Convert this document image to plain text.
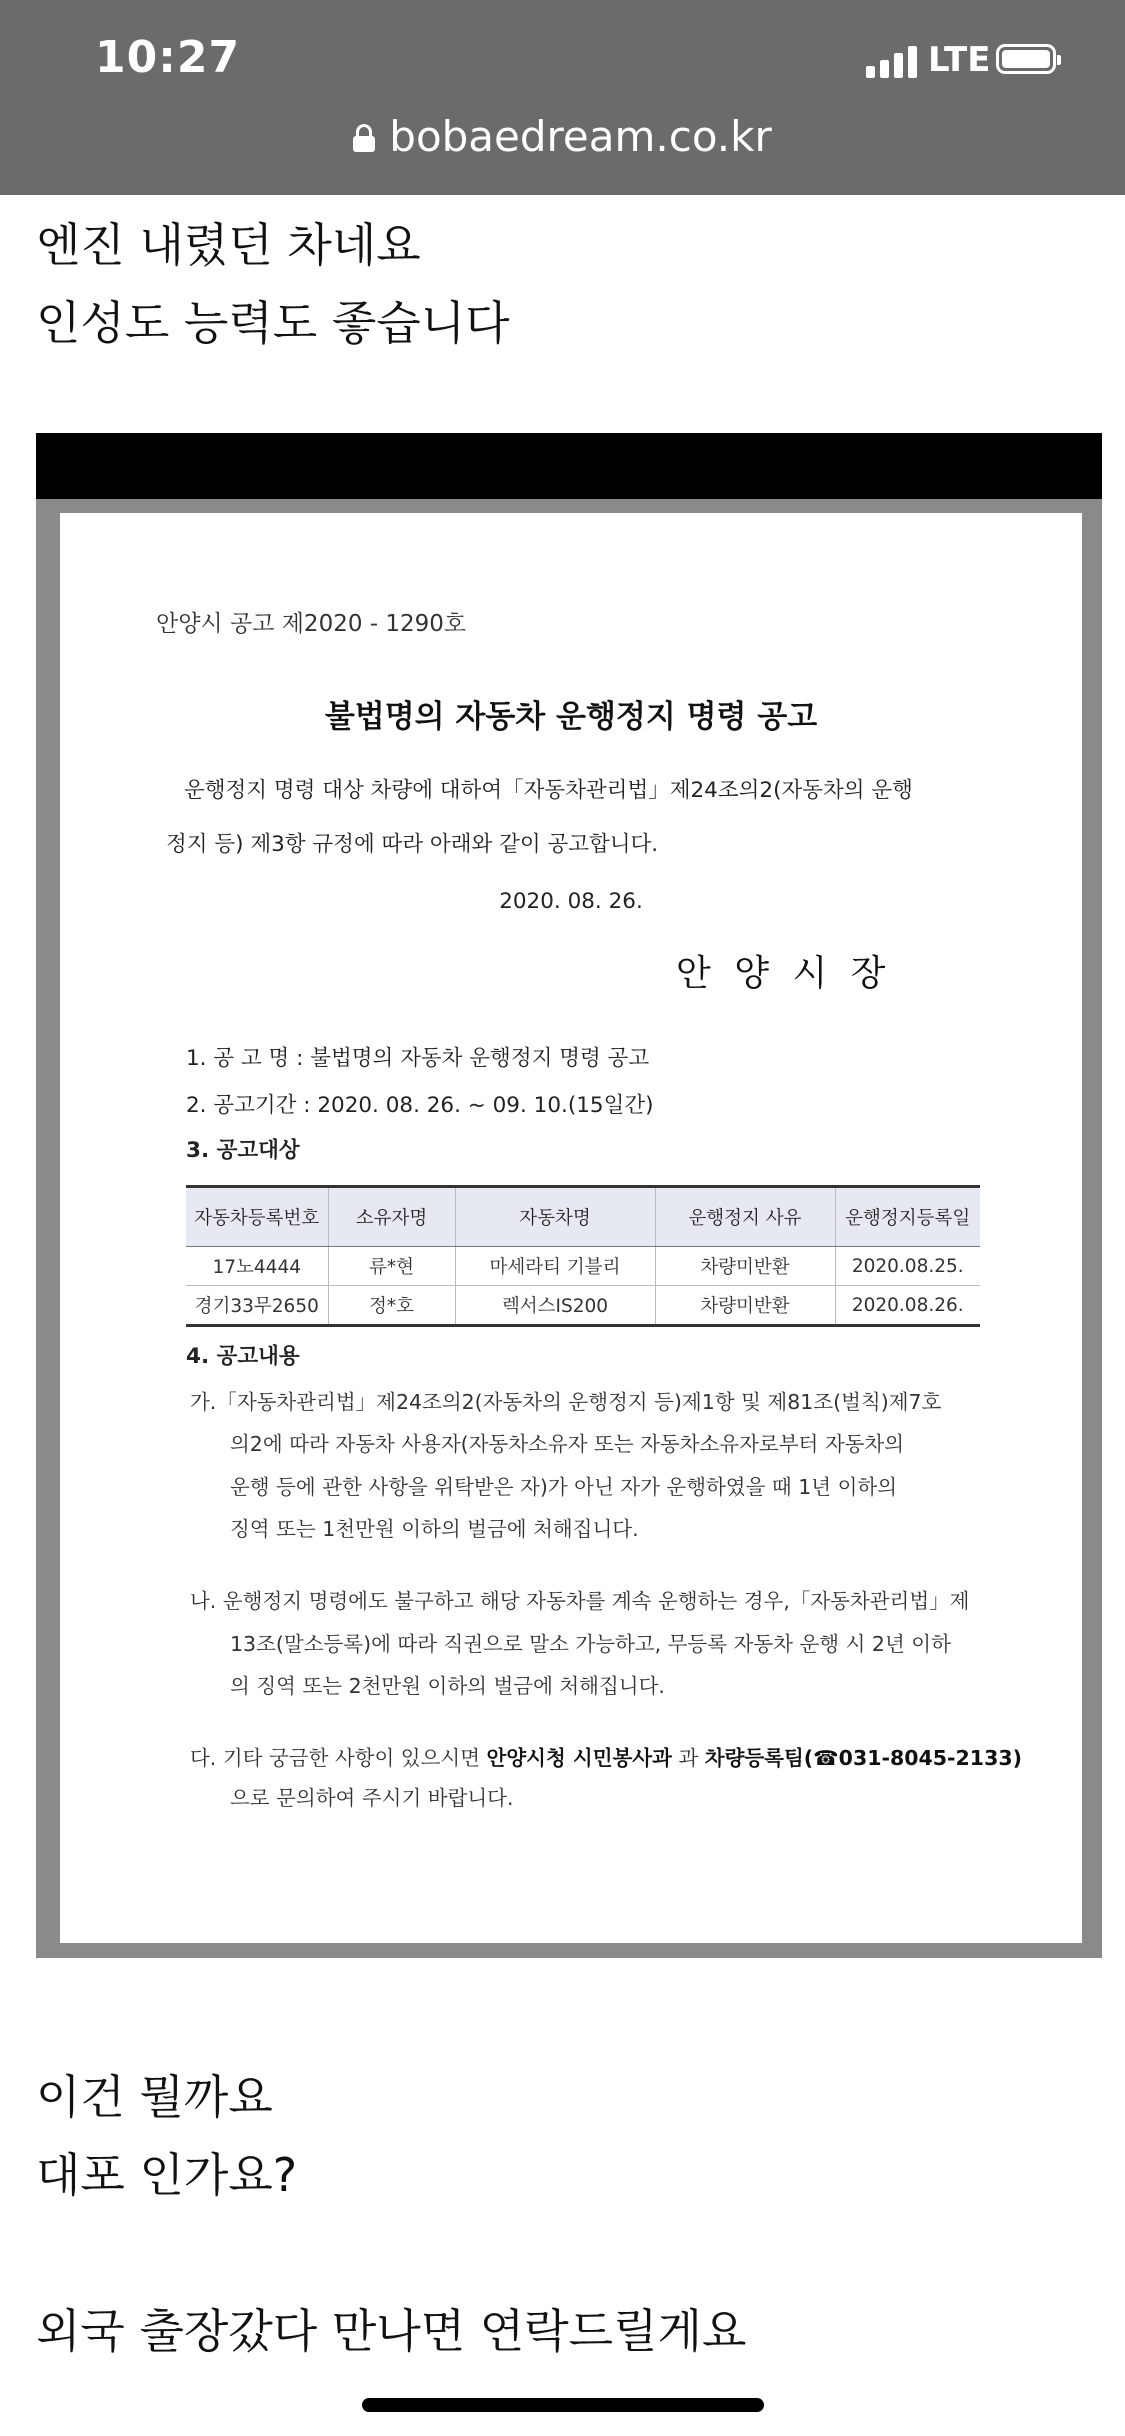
10:27	LTE
bobaedream.co.kr
엔진 내렸던 차네요
인성도 능력도 좋습니다
안양시 공고 제2020 - 1290호
불법명의 자동차 운행정지 명령 공고
운행정지 명령 대상 차량에 대하여「자동차관리법」제24조의2(자동차의 운행
정지 등) 제3항 규정에 따라 아래와 같이 공고합니다.
2020. 08. 26.
안 양 시 장
1. 공 고 명 : 불법명의 자동차 운행정지 명령 공고
2. 공고기간 : 2020. 08. 26. ~ 09. 10.(15일간)
3. 공고대상
자동차등록번호	소유자명	자동차명	운행정지 사유	운행정지등록일
17노4444	류*현	마세라티 기블리	차량미반환	2020.08.25.
경기33무2650	정*호	렉서스IS200	차량미반환	2020.08.26.
4. 공고내용
가.「자동차관리법」제24조의2(자동차의 운행정지 등)제1항 및 제81조(벌칙)제7호
의2에 따라 자동차 사용자(자동차소유자 또는 자동차소유자로부터 자동차의
운행 등에 관한 사항을 위탁받은 자)가 아닌 자가 운행하였을 때 1년 이하의
징역 또는 1천만원 이하의 벌금에 처해집니다.
나. 운행정지 명령에도 불구하고 해당 자동차를 계속 운행하는 경우,「자동차관리법」제
13조(말소등록)에 따라 직권으로 말소 가능하고, 무등록 자동차 운행 시 2년 이하
의 징역 또는 2천만원 이하의 벌금에 처해집니다.
다. 기타 궁금한 사항이 있으시면 안양시청 시민봉사과 과 차량등록팀(☎031-8045-2133)
으로 문의하여 주시기 바랍니다.
이건 뭘까요
대포 인가요?
외국 출장갔다 만나면 연락드릴게요
